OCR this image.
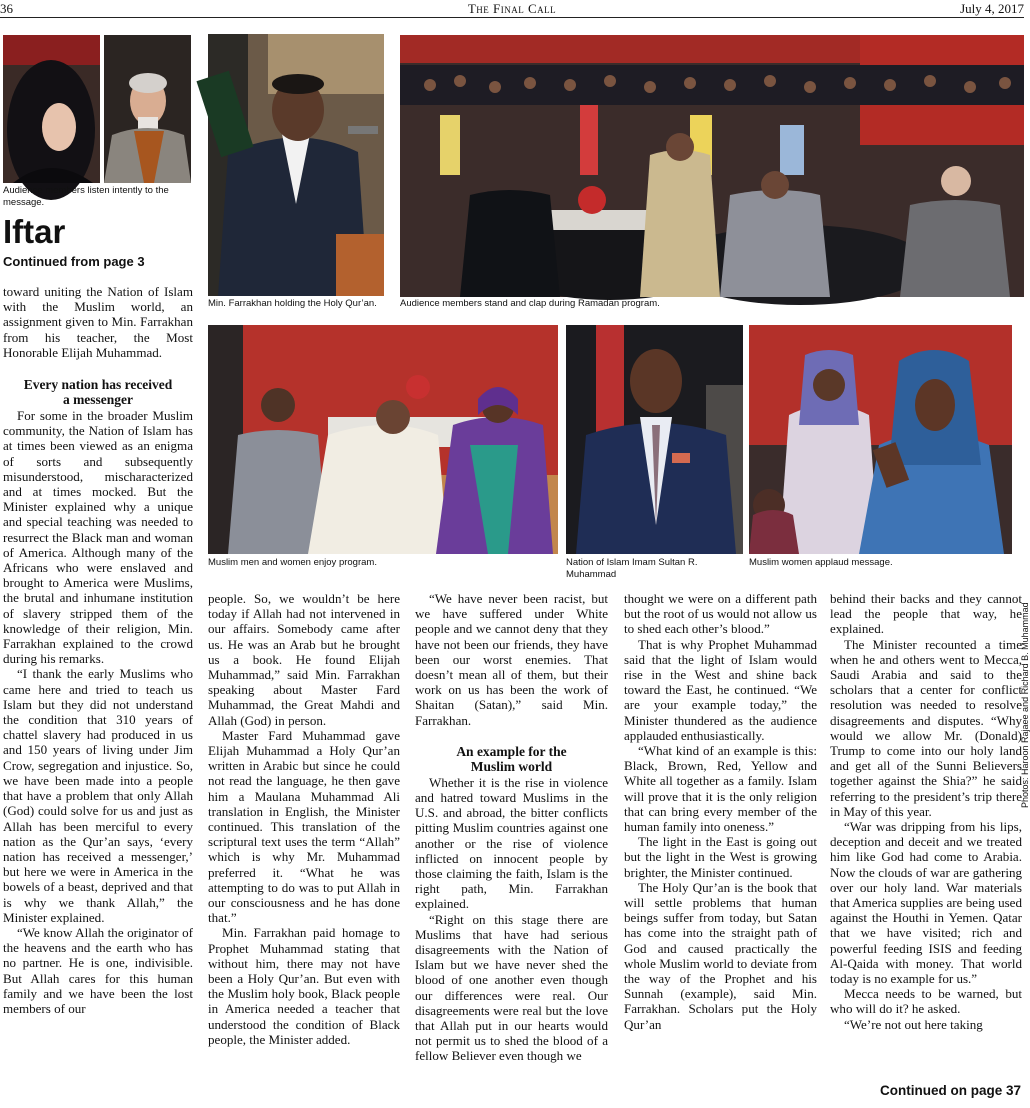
36	The Final Call	July 4, 2017
Audience members listen intently to the message.
Iftar
Continued from page 3
Min. Farrakhan holding the Holy Qur’an.	Audience members stand and clap during Ramadan program.
Muslim men and women enjoy program.	Nation of Islam Imam Sultan R. Muhammad
Muslim women applaud message.
Photos: Haroon Rajaee and Richard B. Muhammad

toward uniting the Nation of Islam with the Muslim world, an assignment given to Min. Farrakhan from his teacher, the Most Honorable Elijah Muhammad.

Every nation has received a messenger

For some in the broader Muslim community, the Nation of Islam has at times been viewed as an enigma of sorts and subsequently misunderstood, mischaracterized and at times mocked. But the Minister explained why a unique and special teaching was needed to resurrect the Black man and woman of America. Although many of the Africans who were enslaved and brought to America were Muslims, the brutal and inhumane institution of slavery stripped them of the knowledge of their religion, Min. Farrakhan explained to the crowd during his remarks.

“I thank the early Muslims who came here and tried to teach us Islam but they did not understand the condition that 310 years of chattel slavery had produced in us and 150 years of living under Jim Crow, segregation and injustice. So, we have been made into a people that have a problem that only Allah (God) could solve for us and just as Allah has been merciful to every nation as the Qur’an says, ‘every nation has received a messenger,’ but here we were in America in the bowels of a beast, deprived and that is why we thank Allah,” the Minister explained.

“We know Allah the originator of the heavens and the earth who has no partner. He is one, indivisible. But Allah cares for this human family and we have been the lost members of our

people. So, we wouldn’t be here today if Allah had not intervened in our affairs. Somebody came after us. He was an Arab but he brought us a book. He found Elijah Muhammad,” said Min. Farrakhan speaking about Master Fard Muhammad, the Great Mahdi and Allah (God) in person.

Master Fard Muhammad gave Elijah Muhammad a Holy Qur’an written in Arabic but since he could not read the language, he then gave him a Maulana Muhammad Ali translation in English, the Minister continued. This translation of the scriptural text uses the term “Allah” which is why Mr. Muhammad preferred it. “What he was attempting to do was to put Allah in our consciousness and he has done that.”

Min. Farrakhan paid homage to Prophet Muhammad stating that without him, there may not have been a Holy Qur’an. But even with the Muslim holy book, Black people in America needed a teacher that understood the condition of Black people, the Minister added.

“We have never been racist, but we have suffered under White people and we cannot deny that they have not been our friends, they have been our worst enemies. That doesn’t mean all of them, but their work on us has been the work of Shaitan (Satan),” said Min. Farrakhan.

An example for the Muslim world

Whether it is the rise in violence and hatred toward Muslims in the U.S. and abroad, the bitter conflicts pitting Muslim countries against one another or the rise of violence inflicted on innocent people by those claiming the faith, Islam is the right path, Min. Farrakhan explained.

“Right on this stage there are Muslims that have had serious disagreements with the Nation of Islam but we have never shed the blood of one another even though our differences were real. Our disagreements were real but the love that Allah put in our hearts would not permit us to shed the blood of a fellow Believer even though we

thought we were on a different path but the root of us would not allow us to shed each other’s blood.”

That is why Prophet Muhammad said that the light of Islam would rise in the West and shine back toward the East, he continued. “We are your example today,” the Minister thundered as the audience applauded enthusiastically.

“What kind of an example is this: Black, Brown, Red, Yellow and White all together as a family. Islam will prove that it is the only religion that can bring every member of the human family into oneness.”

The light in the East is going out but the light in the West is growing brighter, the Minister continued.

The Holy Qur’an is the book that will settle problems that human beings suffer from today, but Satan has come into the straight path of God and caused practically the whole Muslim world to deviate from the way of the Prophet and his Sunnah (example), said Min. Farrakhan. Scholars put the Holy Qur’an

behind their backs and they cannot lead the people that way, he explained.

The Minister recounted a time when he and others went to Mecca, Saudi Arabia and said to the scholars that a center for conflict resolution was needed to resolve disagreements and disputes. “Why would we allow Mr. (Donald) Trump to come into our holy land and get all of the Sunni Believers together against the Shia?” he said referring to the president’s trip there in May of this year.

“War was dripping from his lips, deception and deceit and we treated him like God had come to Arabia. Now the clouds of war are gathering over our holy land. War materials that America supplies are being used against the Houthi in Yemen. Qatar that we have visited; rich and powerful feeding ISIS and feeding Al-Qaida with money. That world today is no example for us.”

Mecca needs to be warned, but who will do it? he asked.

“We’re not out here taking

Continued on page 37
